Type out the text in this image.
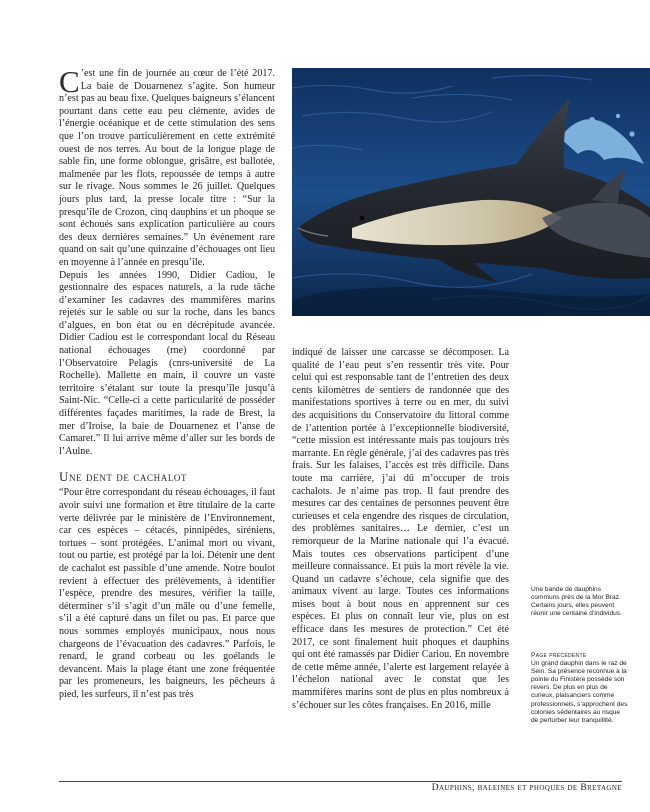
C ’est une fin de journée au cœur de l’été 2017. La baie de Douarnenez s’agite. Son humeur n’est pas au beau fixe. Quelques baigneurs s’élancent pourtant dans cette eau peu clémente, avides de l’énergie océanique et de cette stimulation des sens que l’on trouve particulièrement en cette extrémité ouest de nos terres. Au bout de la longue plage de sable fin, une forme oblongue, grisâtre, est ballotée, malmenée par les flots, repoussée de temps à autre sur le rivage. Nous sommes le 26 juillet. Quelques jours plus tard, la presse locale titre : “Sur la presqu’île de Crozon, cinq dauphins et un phoque se sont échoués sans explication particulière au cours des deux dernières semaines.” Un événement rare quand on sait qu’une quinzaine d’échouages ont lieu en moyenne à l’année en presqu’île.

Depuis les années 1990, Didier Cadiou, le gestionnaire des espaces naturels, a la rude tâche d’examiner les cadavres des mammifères marins rejetés sur le sable ou sur la roche, dans les bancs d’algues, en bon état ou en décrépitude avancée. Didier Cadiou est le correspondant local du Réseau national échouages (rne) coordonné par l’Observatoire Pelagis (cnrs-université de La Rochelle). Mallette en main, il couvre un vaste territoire s’étalant sur toute la presqu’île jusqu’à Saint-Nic. “Celle-ci a cette particularité de posséder différentes façades maritimes, la rade de Brest, la mer d’Iroise, la baie de Douarnenez et l’anse de Camaret.” Il lui arrive même d’aller sur les bords de l’Aulne.

Une dent de cachalot

“Pour être correspondant du réseau échouages, il faut avoir suivi une formation et être titulaire de la carte verte délivrée par le ministère de l’Environnement, car ces espèces – cétacés, pinnipèdes, siréniens, tortues – sont protégées. L’animal mort ou vivant, tout ou partie, est protégé par la loi. Détenir une dent de cachalot est passible d’une amende. Notre boulot revient à effectuer des prélèvements, à identifier l’espèce, prendre des mesures, vérifier la taille, déterminer s’il s’agit d’un mâle ou d’une femelle, s’il a été capturé dans un filet ou pas. Et parce que nous sommes employés municipaux, nous nous chargeons de l’évacuation des cadavres.” Parfois, le renard, le grand corbeau ou les goélands le devancent. Mais la plage étant une zone fréquentée par les promeneurs, les baigneurs, les pêcheurs à pied, les surfeurs, il n’est pas très

indiqué de laisser une carcasse se décomposer. La qualité de l’eau peut s’en ressentir très vite. Pour celui qui est responsable tant de l’entretien des deux cents kilomètres de sentiers de randonnée que des manifestations sportives à terre ou en mer, du suivi des acquisitions du Conservatoire du littoral comme de l’attention portée à l’exceptionnelle biodiversité, “cette mission est intéressante mais pas toujours très marrante. En règle générale, j’ai des cadavres pas très frais. Sur les falaises, l’accès est très difficile. Dans toute ma carrière, j’ai dû m’occuper de trois cachalots. Je n’aime pas trop. Il faut prendre des mesures car des centaines de personnes peuvent être curieuses et cela engendre des risques de circulation, des problèmes sanitaires… Le dernier, c’est un remorqueur de la Marine nationale qui l’a évacué. Mais toutes ces observations participent d’une meilleure connaissance. Et puis la mort révèle la vie. Quand un cadavre s’échoue, cela signifie que des animaux vivent au large. Toutes ces informations mises bout à bout nous en apprennent sur ces espèces. Et plus on connaît leur vie, plus on est efficace dans les mesures de protection.” Cet été 2017, ce sont finalement huit phoques et dauphins qui ont été ramassés par Didier Cariou. En novembre de cette même année, l’alerte est largement relayée à l’échelon national avec le constat que les mammifères marins sont de plus en plus nombreux à s’échouer sur les côtes françaises. En 2016, mille

Une bande de dauphins communs près de la Mor Braz. Certains jours, elles peuvent réunir une centaine d’individus.
Page précédente
Un grand dauphin dans le raz de Sein. Sa présence reconnue à la pointe du Finistère possède son revers. De plus en plus de curieux, plaisanciers comme professionnels, s’approchent des colonies sédentaires au risque de perturber leur tranquillité.
Dauphins, baleines et phoques de Bretagne
